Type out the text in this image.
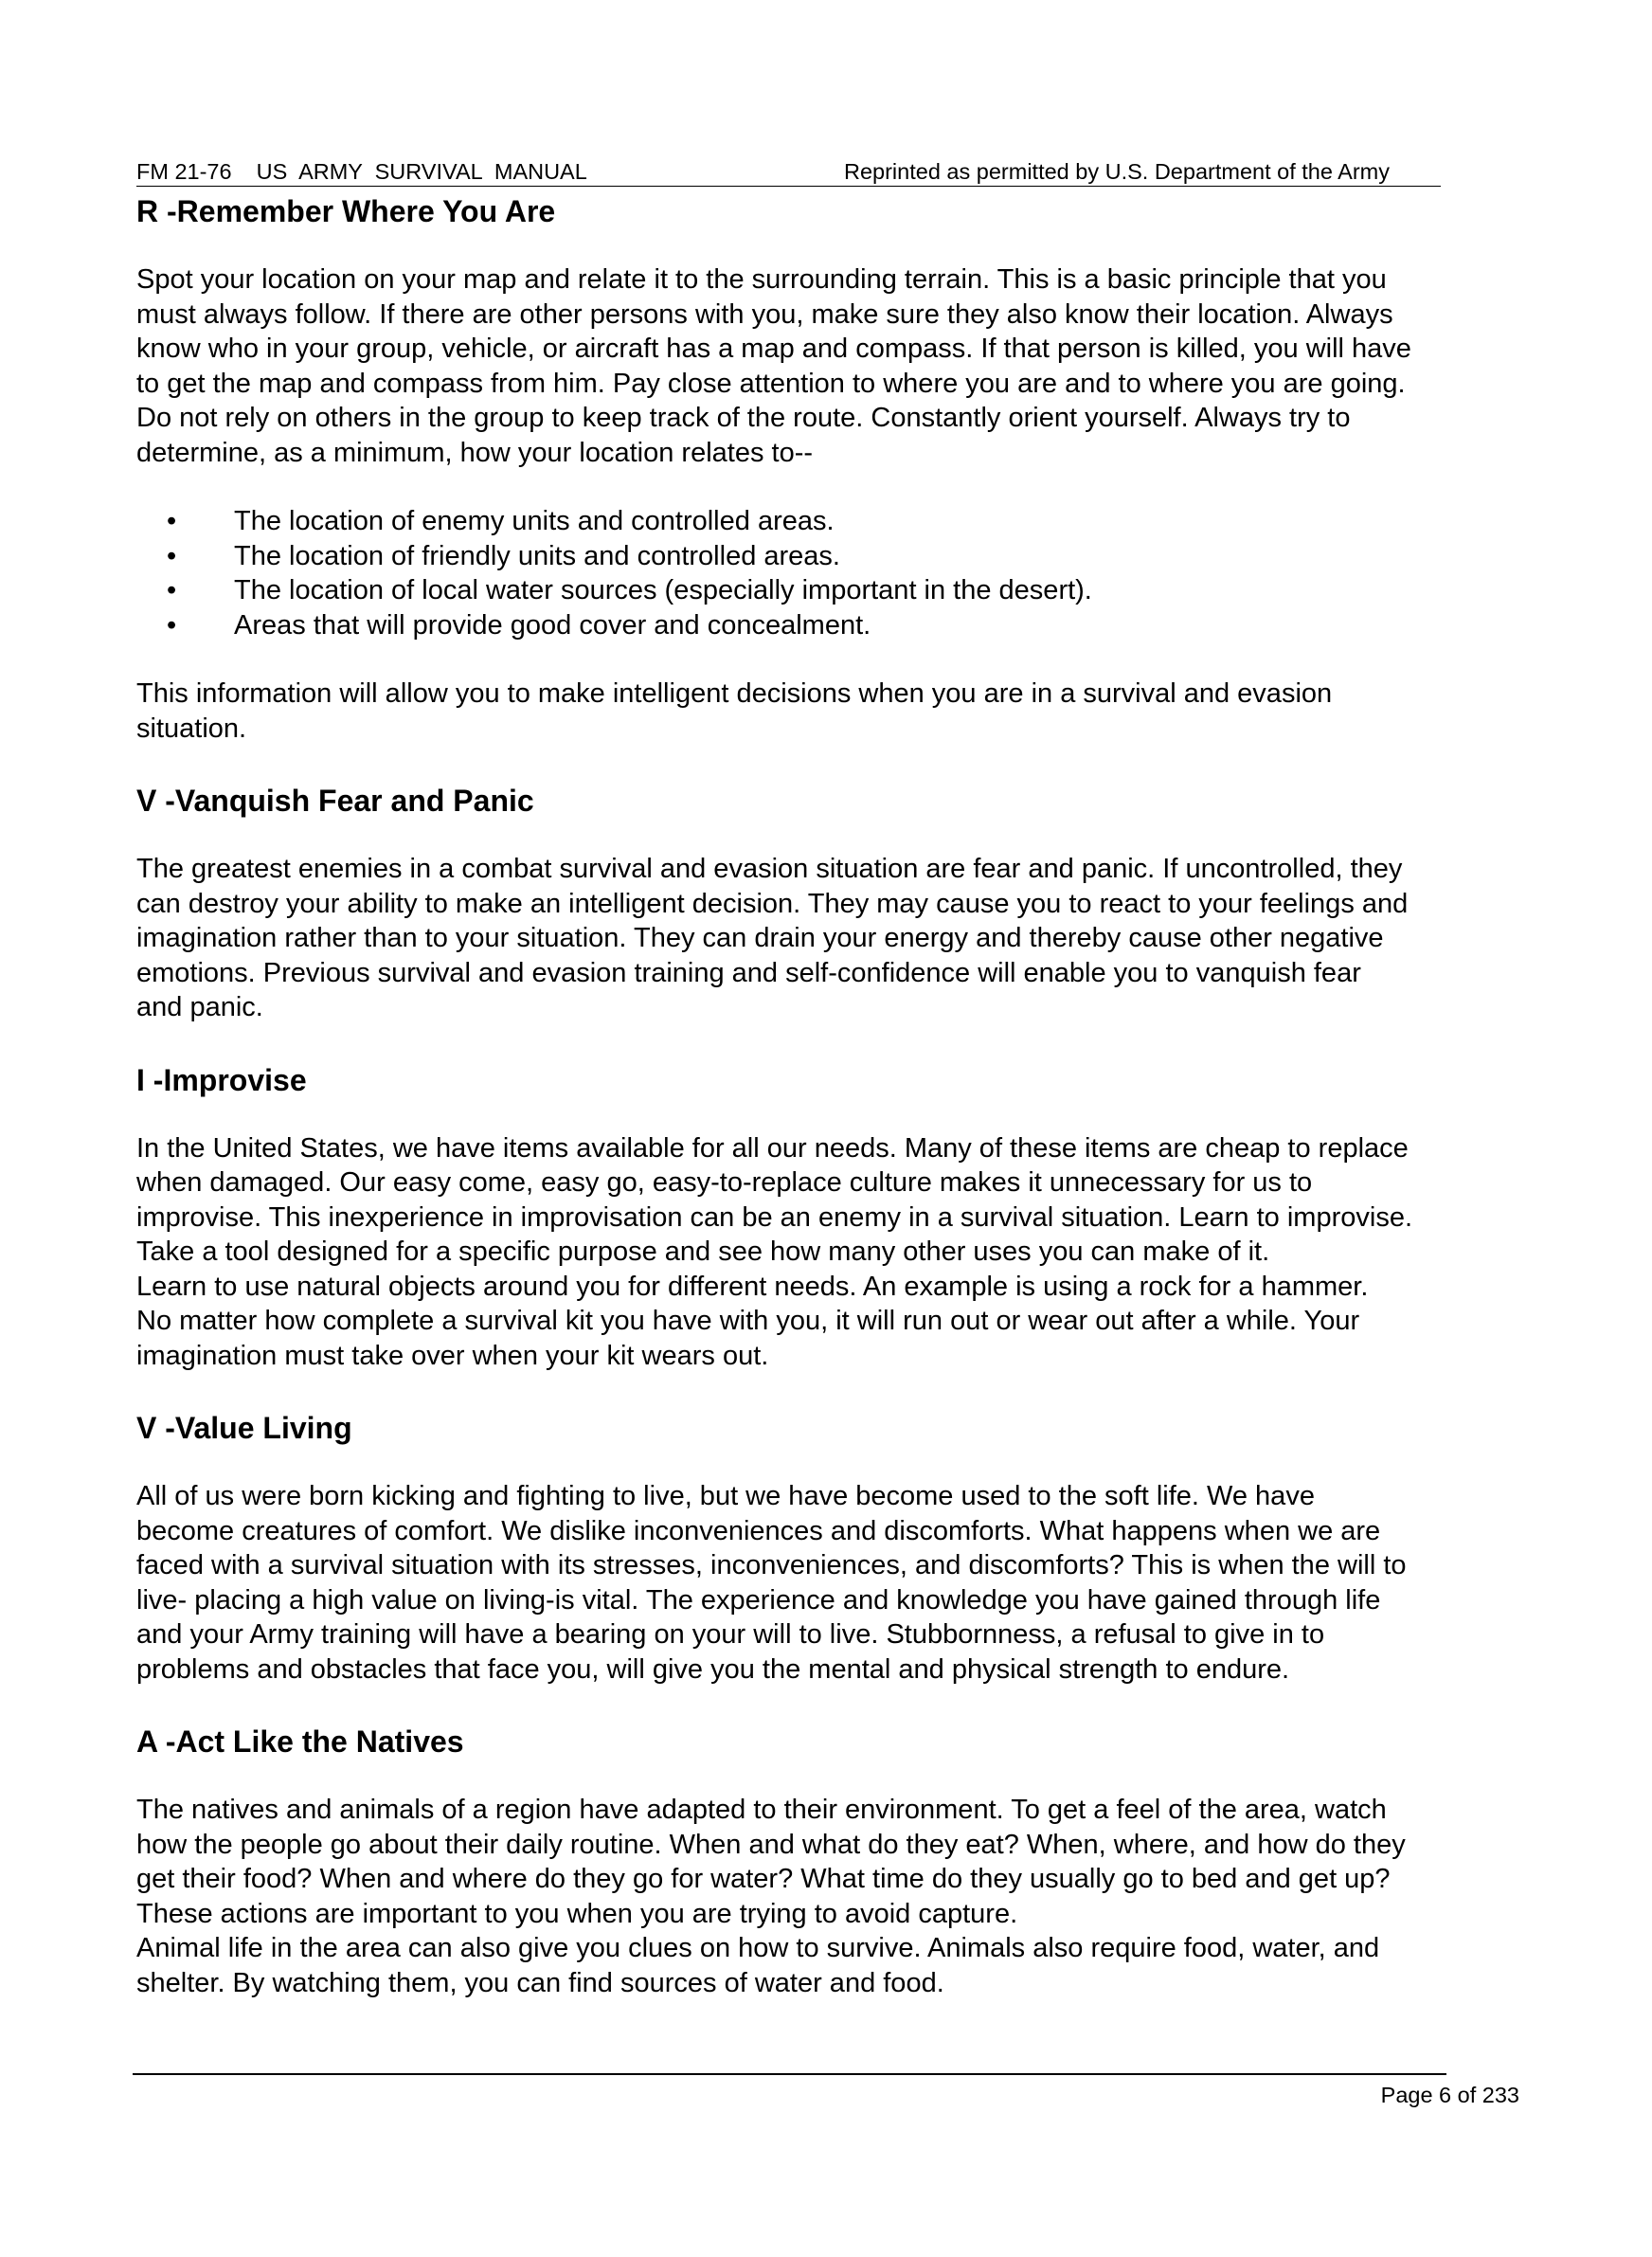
FM 21-76    US  ARMY  SURVIVAL  MANUAL	Reprinted as permitted by U.S. Department of the Army
R -Remember Where You Are

Spot your location on your map and relate it to the surrounding terrain. This is a basic principle that you
must always follow. If there are other persons with you, make sure they also know their location. Always
know who in your group, vehicle, or aircraft has a map and compass. If that person is killed, you will have
to get the map and compass from him. Pay close attention to where you are and to where you are going.
Do not rely on others in the group to keep track of the route. Constantly orient yourself. Always try to
determine, as a minimum, how your location relates to--

• The location of enemy units and controlled areas.
• The location of friendly units and controlled areas.
• The location of local water sources (especially important in the desert).
• Areas that will provide good cover and concealment.

This information will allow you to make intelligent decisions when you are in a survival and evasion
situation.

V -Vanquish Fear and Panic

The greatest enemies in a combat survival and evasion situation are fear and panic. If uncontrolled, they
can destroy your ability to make an intelligent decision. They may cause you to react to your feelings and
imagination rather than to your situation. They can drain your energy and thereby cause other negative
emotions. Previous survival and evasion training and self-confidence will enable you to vanquish fear
and panic.

I -Improvise

In the United States, we have items available for all our needs. Many of these items are cheap to replace
when damaged. Our easy come, easy go, easy-to-replace culture makes it unnecessary for us to
improvise. This inexperience in improvisation can be an enemy in a survival situation. Learn to improvise.
Take a tool designed for a specific purpose and see how many other uses you can make of it.
Learn to use natural objects around you for different needs. An example is using a rock for a hammer.
No matter how complete a survival kit you have with you, it will run out or wear out after a while. Your
imagination must take over when your kit wears out.

V -Value Living

All of us were born kicking and fighting to live, but we have become used to the soft life. We have
become creatures of comfort. We dislike inconveniences and discomforts. What happens when we are
faced with a survival situation with its stresses, inconveniences, and discomforts? This is when the will to
live- placing a high value on living-is vital. The experience and knowledge you have gained through life
and your Army training will have a bearing on your will to live. Stubbornness, a refusal to give in to
problems and obstacles that face you, will give you the mental and physical strength to endure.

A -Act Like the Natives

The natives and animals of a region have adapted to their environment. To get a feel of the area, watch
how the people go about their daily routine. When and what do they eat? When, where, and how do they
get their food? When and where do they go for water? What time do they usually go to bed and get up?
These actions are important to you when you are trying to avoid capture.
Animal life in the area can also give you clues on how to survive. Animals also require food, water, and
shelter. By watching them, you can find sources of water and food.

Page 6 of 233
